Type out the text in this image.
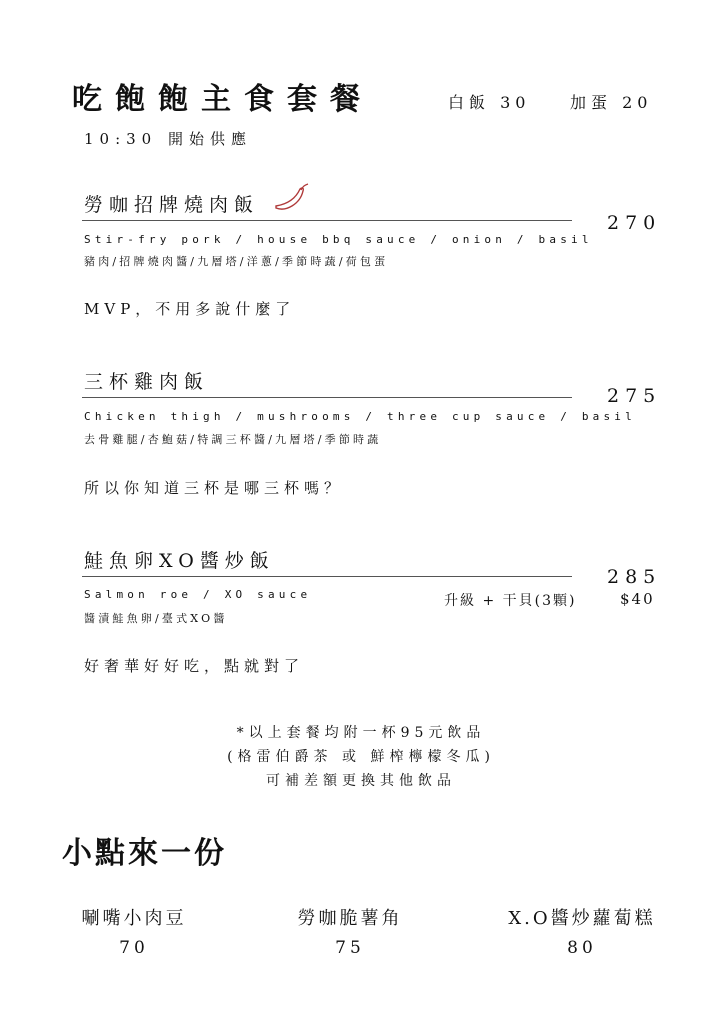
吃飽飽主食套餐	白飯 30 加蛋 20
10:30 開始供應
勞咖招牌燒肉飯
270
Stir-fry pork / house bbq sauce / onion / basil
豬肉/招牌燒肉醬/九層塔/洋蔥/季節時蔬/荷包蛋
MVP，不用多說什麼了
三杯雞肉飯
275
Chicken thigh / mushrooms / three cup sauce / basil
去骨雞腿/杏鮑菇/特調三杯醬/九層塔/季節時蔬
所以你知道三杯是哪三杯嗎？
鮭魚卵XO醬炒飯
285
Salmon roe / XO sauce
醬漬鮭魚卵/臺式XO醬
升級 + 干貝(3顆)	$40
好奢華好好吃，點就對了
*以上套餐均附一杯95元飲品
(格雷伯爵茶 或 鮮榨檸檬冬瓜)
可補差額更換其他飲品
小點來一份
唰嘴小肉豆
70
勞咖脆薯角
75
X.O醬炒蘿蔔糕
80
